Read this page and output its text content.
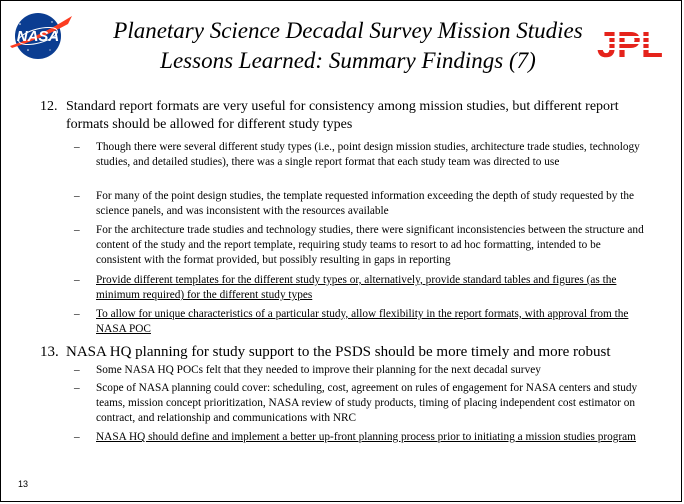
NASA	Planetary Science Decadal Survey Mission Studies
Lessons Learned: Summary Findings (7)
12. Standard report formats are very useful for consistency among mission studies, but different report formats should be allowed for different study types
– Though there were several different study types (i.e., point design mission studies, architecture trade studies, technology studies, and detailed studies), there was a single report format that each study team was directed to use
– For many of the point design studies, the template requested information exceeding the depth of study requested by the science panels, and was inconsistent with the resources available
– For the architecture trade studies and technology studies, there were significant inconsistencies between the structure and content of the study and the report template, requiring study teams to resort to ad hoc formatting, intended to be consistent with the format provided, but possibly resulting in gaps in reporting
– Provide different templates for the different study types or, alternatively, provide standard tables and figures (as the minimum required) for the different study types
– To allow for unique characteristics of a particular study, allow flexibility in the report formats, with approval from the NASA POC
13. NASA HQ planning for study support to the PSDS should be more timely and more robust
– Some NASA HQ POCs felt that they needed to improve their planning for the next decadal survey
– Scope of NASA planning could cover: scheduling, cost, agreement on rules of engagement for NASA centers and study teams, mission concept prioritization, NASA review of study products, timing of placing independent cost estimator on contract, and relationship and communications with NRC
– NASA HQ should define and implement a better up-front planning process prior to initiating a mission studies program
13
